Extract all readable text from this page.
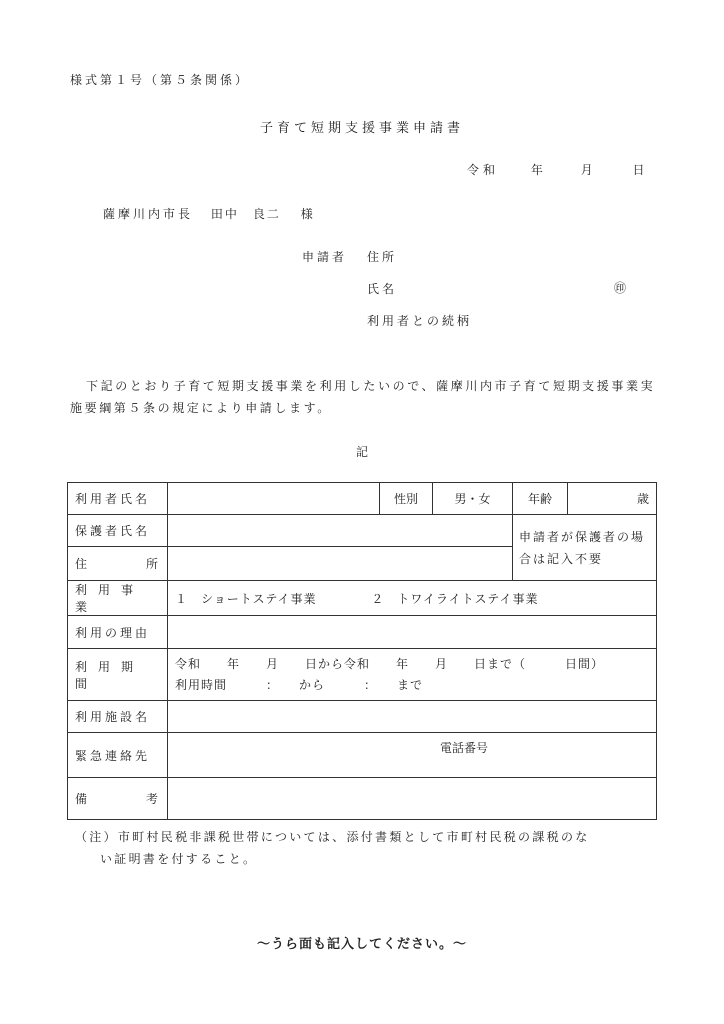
様式第１号（第５条関係）
子育て短期支援事業申請書
令和	年	月	日
薩摩川内市長 田中　良二 様
申請者 住所
氏名	㊞
利用者との続柄
下記のとおり子育て短期支援事業を利用したいので、薩摩川内市子育て短期支援事業実施要綱第５条の規定により申請します。
記
利用者氏名		性別	男・女	年齢	歳
保護者氏名				申請者が保護者の場合は記入不要	

住 所					

利用事業	１　ショートステイ事業 ２　トワイライトステイ事業				
利用の理由					
利用期間	令和　　年　　月　　日から令和　　年　　月　　日まで（　　　日間）
利用時間　　　：　　から　　　：　　まで				

利用施設名					
緊急連絡先	電話番号				

備 考					

（注）市町村民税非課税世帯については、添付書類として市町村民税の課税のな
い証明書を付すること。
～うら面も記入してください。～
